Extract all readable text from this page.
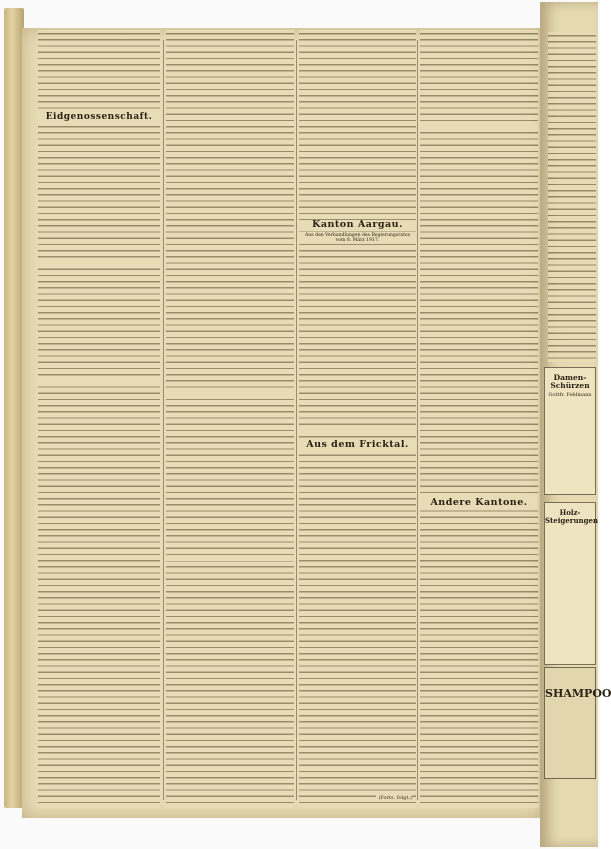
Eidgenossenschaft.
Kanton Aargau.
Aus den Verhandlungen des Regierungsrates vom 8. März 1917.
Aus dem Fricktal.
(Forts. folgt.)
Andere Kantone.
Damen-Schürzen
Gottfr. Fehlmann
Holz-Steigerungen
SHAMPOO
